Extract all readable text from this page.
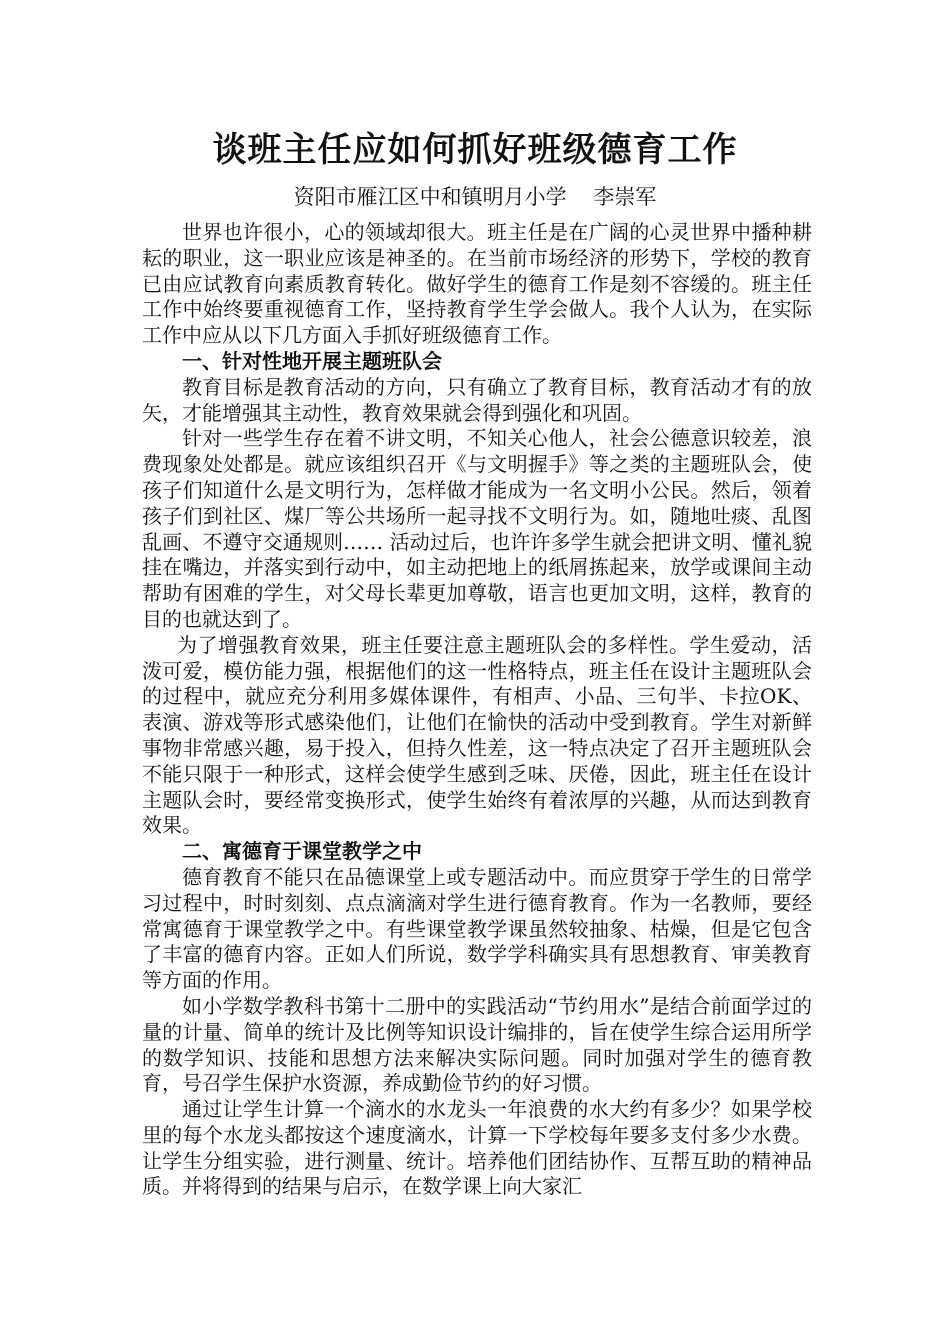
谈班主任应如何抓好班级德育工作
资阳市雁江区中和镇明月小学    李崇军

世界也许很小，心的领域却很大。班主任是在广阔的心灵世界中播种耕耘的职业，这一职业应该是神圣的。在当前市场经济的形势下，学校的教育已由应试教育向素质教育转化。做好学生的德育工作是刻不容缓的。班主任工作中始终要重视德育工作，坚持教育学生学会做人。我个人认为，在实际工作中应从以下几方面入手抓好班级德育工作。

一、针对性地开展主题班队会

教育目标是教育活动的方向，只有确立了教育目标，教育活动才有的放矢，才能增强其主动性，教育效果就会得到强化和巩固。

针对一些学生存在着不讲文明，不知关心他人，社会公德意识较差，浪费现象处处都是。就应该组织召开《与文明握手》等之类的主题班队会，使孩子们知道什么是文明行为，怎样做才能成为一名文明小公民。然后，领着孩子们到社区、煤厂等公共场所一起寻找不文明行为。如，随地吐痰、乱图乱画、不遵守交通规则…… 活动过后，也许许多学生就会把讲文明、懂礼貌挂在嘴边，并落实到行动中，如主动把地上的纸屑拣起来，放学或课间主动帮助有困难的学生，对父母长辈更加尊敬，语言也更加文明，这样，教育的目的也就达到了。

为了增强教育效果，班主任要注意主题班队会的多样性。学生爱动，活泼可爱，模仿能力强，根据他们的这一性格特点，班主任在设计主题班队会的过程中，就应充分利用多媒体课件，有相声、小品、三句半、卡拉OK、表演、游戏等形式感染他们，让他们在愉快的活动中受到教育。学生对新鲜事物非常感兴趣，易于投入，但持久性差，这一特点决定了召开主题班队会不能只限于一种形式，这样会使学生感到乏味、厌倦，因此，班主任在设计主题队会时，要经常变换形式，使学生始终有着浓厚的兴趣，从而达到教育效果。

二、寓德育于课堂教学之中

德育教育不能只在品德课堂上或专题活动中。而应贯穿于学生的日常学习过程中，时时刻刻、点点滴滴对学生进行德育教育。作为一名教师，要经常寓德育于课堂教学之中。有些课堂教学课虽然较抽象、枯燥，但是它包含了丰富的德育内容。正如人们所说，数学学科确实具有思想教育、审美教育等方面的作用。

如小学数学教科书第十二册中的实践活动“节约用水”是结合前面学过的量的计量、简单的统计及比例等知识设计编排的，旨在使学生综合运用所学的数学知识、技能和思想方法来解决实际问题。同时加强对学生的德育教育，号召学生保护水资源，养成勤俭节约的好习惯。

通过让学生计算一个滴水的水龙头一年浪费的水大约有多少？如果学校里的每个水龙头都按这个速度滴水，计算一下学校每年要多支付多少水费。让学生分组实验，进行测量、统计。培养他们团结协作、互帮互助的精神品质。并将得到的结果与启示，在数学课上向大家汇
